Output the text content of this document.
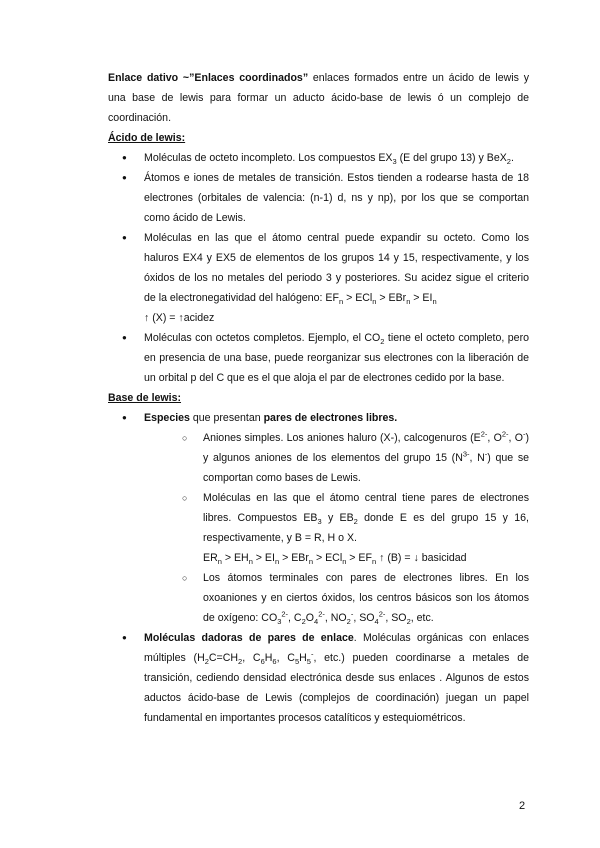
Enlace dativo ~”Enlaces coordinados” enlaces formados entre un ácido de lewis y una base de lewis para formar un aducto ácido-base de lewis ó un complejo de coordinación.

Ácido de lewis:
● Moléculas de octeto incompleto. Los compuestos $EX_3$ (E del grupo 13) y BeX$_2$.
● Átomos e iones de metales de transición. Estos tienden a rodearse hasta de 18 electrones (orbitales de valencia: (n-1) d, ns y np), por los que se comportan como ácido de Lewis.
● Moléculas en las que el átomo central puede expandir su octeto. Como los haluros EX4 y EX5 de elementos de los grupos 14 y 15, respectivamente, y los óxidos de los no metales del periodo 3 y posteriores. Su acidez sigue el criterio de la electronegatividad del halógeno: $EF_n > ECl_n > EBr_n > EI_n$
↑ (X) = ↑acidez
● Moléculas con octetos completos. Ejemplo, el $CO_2$ tiene el octeto completo, pero en presencia de una base, puede reorganizar sus electrones con la liberación de un orbital p del C que es el que aloja el par de electrones cedido por la base.
Base de lewis:
● Especies que presentan pares de electrones libres.
○ Aniones simples. Los aniones haluro (X-), calcogenuros ($E^{2-}$, $O^{2-}$, O-) y algunos aniones de los elementos del grupo 15 ($N^{3-}$, N-) que se comportan como bases de Lewis.
○ Moléculas en las que el átomo central tiene pares de electrones libres. Compuestos $EB_3$ y $EB_2$ donde E es del grupo 15 y 16, respectivamente, y B = R, H o X.
$ER_n > EH_n > EI_n > EBr_n > ECl_n > EF_n$ ↑ (B) = ↓ basicidad
○ Los átomos terminales con pares de electrones libres. En los oxoaniones y en ciertos óxidos, los centros básicos son los átomos de oxígeno: $CO_3^{2-}$, $C_2O_4^{2-}$, $NO_2^-$, $SO_4^{2-}$, $SO_2$, etc.
● Moléculas dadoras de pares de enlace. Moléculas orgánicas con enlaces múltiples ($H_2C=CH_2$, $C_6H_6$, $C_5H_5^-$, etc.) pueden coordinarse a metales de transición, cediendo densidad electrónica desde sus enlaces . Algunos de estos aductos ácido-base de Lewis (complejos de coordinación) juegan un papel fundamental en importantes procesos catalíticos y estequiométricos.
2
